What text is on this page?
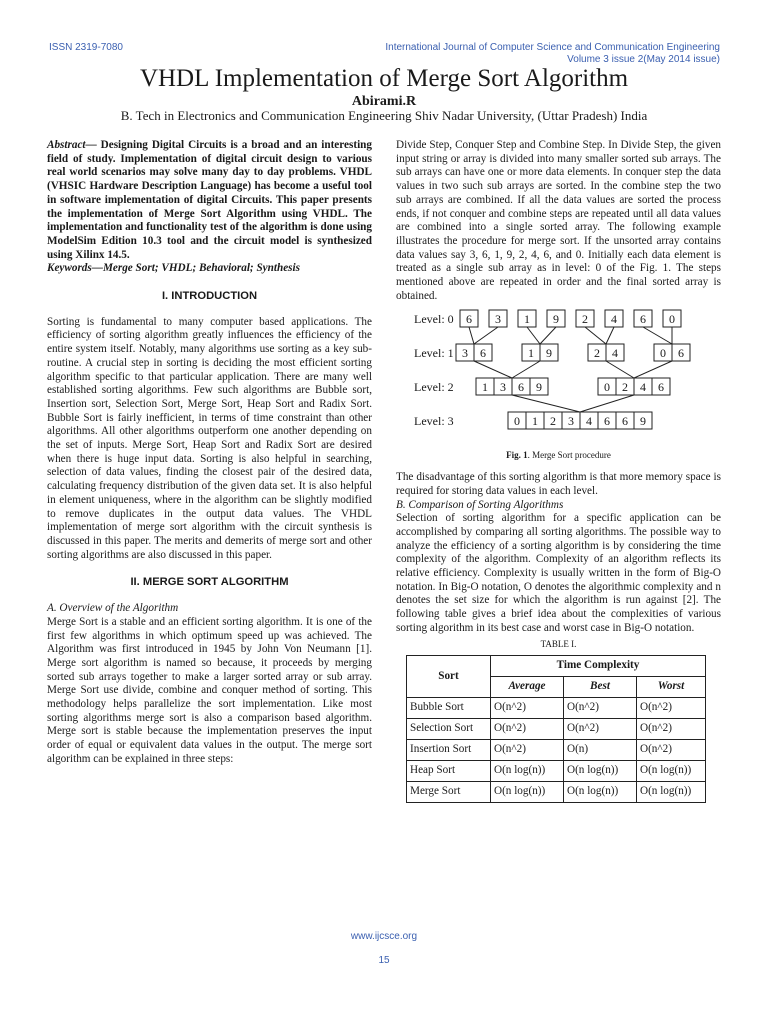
ISSN 2319-7080	International Journal of Computer Science and Communication Engineering
Volume 3 issue 2(May 2014 issue)
VHDL Implementation of Merge Sort Algorithm
Abirami.R
B. Tech in Electronics and Communication Engineering Shiv Nadar University, (Uttar Pradesh) India

Abstract— Designing Digital Circuits is a broad and an interesting field of study. Implementation of digital circuit design to various real world scenarios may solve many day to day problems. VHDL (VHSIC Hardware Description Language) has become a useful tool in software implementation of digital Circuits. This paper presents the implementation of Merge Sort Algorithm using VHDL. The implementation and functionality test of the algorithm is done using ModelSim Edition 10.3 tool and the circuit model is synthesized using Xilinx 14.5.

Keywords—Merge Sort; VHDL; Behavioral; Synthesis

I. INTRODUCTION

Sorting is fundamental to many computer based applications. The efficiency of sorting algorithm greatly influences the efficiency of the entire system itself. Notably, many algorithms use sorting as a key sub-routine. A crucial step in sorting is deciding the most efficient sorting algorithm specific to that particular application. There are many well established sorting algorithms. Few such algorithms are Bubble sort, Insertion sort, Selection Sort, Merge Sort, Heap Sort and Radix Sort. Bubble Sort is fairly inefficient, in terms of time constraint than other algorithms. All other algorithms outperform one another depending on the set of inputs. Merge Sort, Heap Sort and Radix Sort are desired when there is huge input data. Sorting is also helpful in searching, selection of data values, finding the closest pair of the desired data, calculating frequency distribution of the given data set. It is also helpful in element uniqueness, where in the algorithm can be slightly modified to remove duplicates in the output data values. The VHDL implementation of merge sort algorithm with the circuit synthesis is discussed in this paper. The merits and demerits of merge sort and other sorting algorithms are also discussed in this paper.

II. MERGE SORT ALGORITHM

A. Overview of the Algorithm

Merge Sort is a stable and an efficient sorting algorithm. It is one of the first few algorithms in which optimum speed up was achieved. The Algorithm was first introduced in 1945 by John Von Neumann [1]. Merge sort algorithm is named so because, it proceeds by merging sorted sub arrays together to make a larger sorted array or sub array. Merge Sort use divide, combine and conquer method of sorting. This methodology helps parallelize the sort implementation. Like most sorting algorithms merge sort is also a comparison based algorithm. Merge sort is stable because the implementation preserves the input order of equal or equivalent data values in the output. The merge sort algorithm can be explained in three steps:

Divide Step, Conquer Step and Combine Step. In Divide Step, the given input string or array is divided into many smaller sorted sub arrays. The sub arrays can have one or more data elements. In conquer step the data values in two such sub arrays are sorted. In the combine step the two sub arrays are combined. If all the data values are sorted the process ends, if not conquer and combine steps are repeated until all data values are combined into a single sorted array. The following example illustrates the procedure for merge sort. If the unsorted array contains data values say 3, 6, 1, 9, 2, 4, 6, and 0. Initially each data element is treated as a single sub array as in level: 0 of the Fig. 1. The steps mentioned above are repeated in order and the final sorted array is obtained.

Level: 0 6 3 1 9 2 4 6 0
Level: 1 3 6	1 9	2 4	0 6
Level: 2 1 3 6 9	0 2 4 6
Level: 3	0 1 2 3 4 6 6 9
Fig. 1. Merge Sort procedure

The disadvantage of this sorting algorithm is that more memory space is required for storing data values in each level.

B. Comparison of Sorting Algorithms

Selection of sorting algorithm for a specific application can be accomplished by comparing all sorting algorithms. The possible way to analyze the efficiency of a sorting algorithm is by considering the time complexity of the algorithm. Complexity of an algorithm reflects its relative efficiency. Complexity is usually written in the form of Big-O notation. In Big-O notation, O denotes the algorithmic complexity and n denotes the set size for which the algorithm is run against [2]. The following table gives a brief idea about the complexities of various sorting algorithm in its best case and worst case in Big-O notation.

TABLE I.
Sort	Time Complexity		
	Average	Best	Worst
Bubble Sort	O(n^2)	O(n^2)	O(n^2)
Selection Sort	O(n^2)	O(n^2)	O(n^2)
Insertion Sort	O(n^2)	O(n)	O(n^2)
Heap Sort	O(n log(n))	O(n log(n))	O(n log(n))
Merge Sort	O(n log(n))	O(n log(n))	O(n log(n))
www.ijcsce.org
15
